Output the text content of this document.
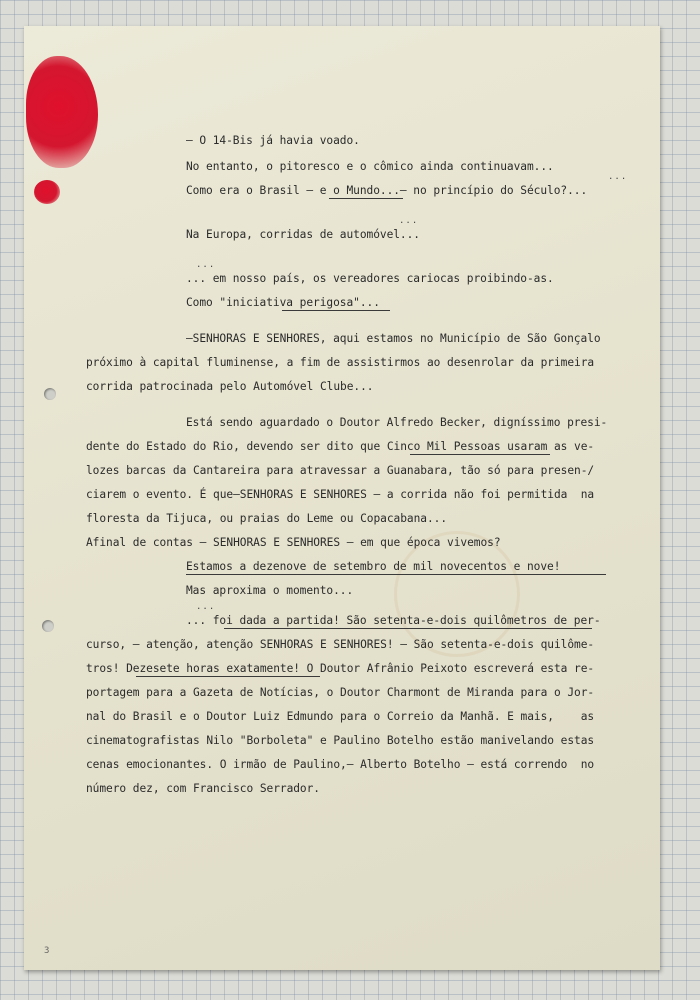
– O 14-Bis já havia voado.
No entanto, o pitoresco e o cômico ainda continuavam...
...
Como era o Brasil – e o Mundo...– no princípio do Século?...
...
Na Europa, corridas de automóvel...
...
... em nosso país, os vereadores cariocas proibindo-as.
Como "iniciativa perigosa"...
–SENHORAS E SENHORES, aqui estamos no Município de São Gonçalo
próximo à capital fluminense, a fim de assistirmos ao desenrolar da primeira
corrida patrocinada pelo Automóvel Clube...
Está sendo aguardado o Doutor Alfredo Becker, digníssimo presi-
dente do Estado do Rio, devendo ser dito que Cinco Mil Pessoas usaram as ve-
lozes barcas da Cantareira para atravessar a Guanabara, tão só para presen-/
ciarem o evento. É que–SENHORAS E SENHORES – a corrida não foi permitida  na
floresta da Tijuca, ou praias do Leme ou Copacabana...
Afinal de contas – SENHORAS E SENHORES – em que época vivemos?
Estamos a dezenove de setembro de mil novecentos e nove!
Mas aproxima o momento...
...
... foi dada a partida! São setenta-e-dois quilômetros de per-
curso, – atenção, atenção SENHORAS E SENHORES! – São setenta-e-dois quilôme-
tros! Dezesete horas exatamente! O Doutor Afrânio Peixoto escreverá esta re-
portagem para a Gazeta de Notícias, o Doutor Charmont de Miranda para o Jor-
nal do Brasil e o Doutor Luiz Edmundo para o Correio da Manhã. E mais,    as
cinematografistas Nilo "Borboleta" e Paulino Botelho estão manivelando estas
cenas emocionantes. O irmão de Paulino,– Alberto Botelho – está correndo  no
número dez, com Francisco Serrador.
3
